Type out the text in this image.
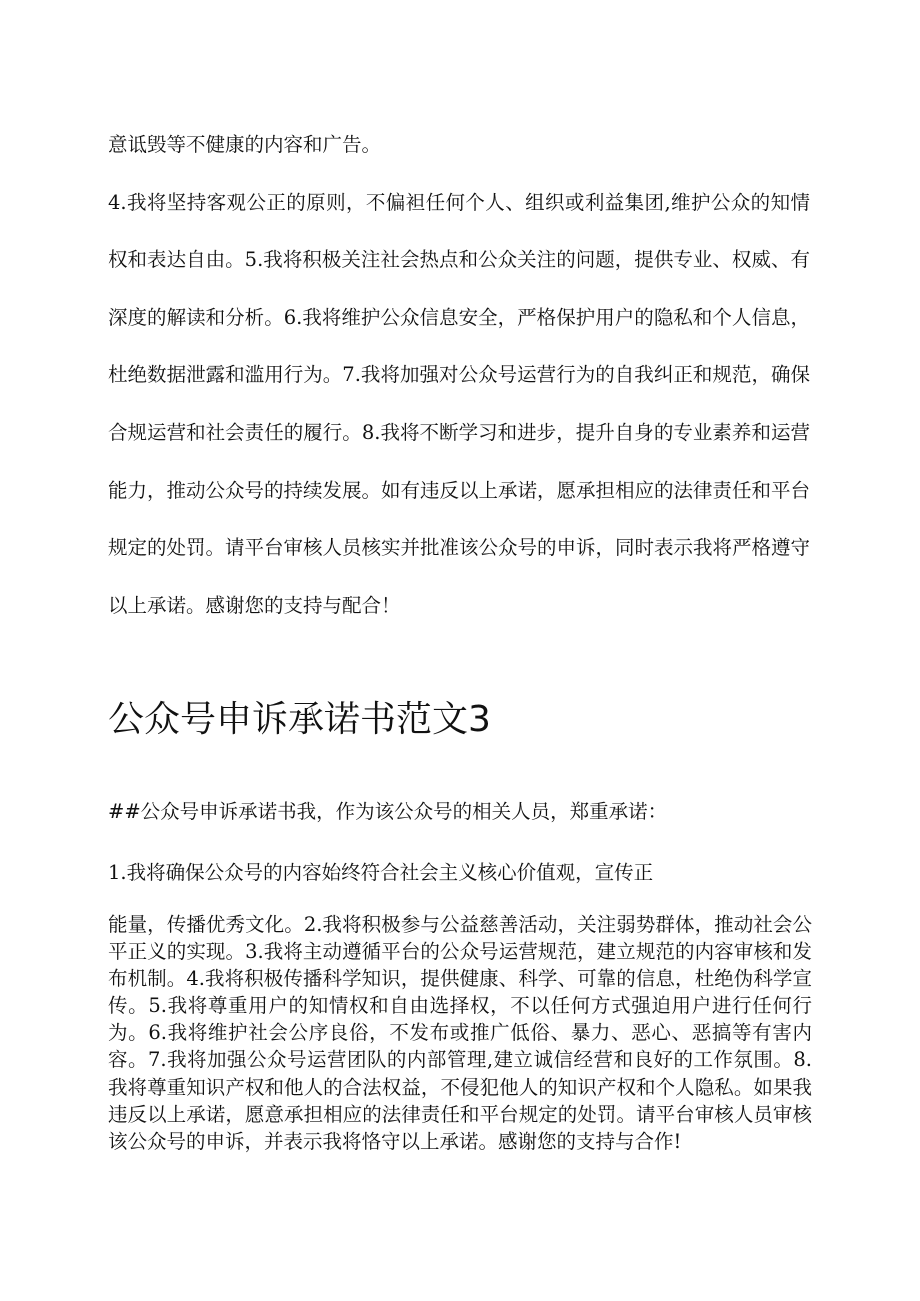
意诋毁等不健康的内容和广告。

4.我将坚持客观公正的原则，不偏袒任何个人、组织或利益集团,维护公众的知情权和表达自由。5.我将积极关注社会热点和公众关注的问题，提供专业、权威、有深度的解读和分析。6.我将维护公众信息安全，严格保护用户的隐私和个人信息，杜绝数据泄露和滥用行为。7.我将加强对公众号运营行为的自我纠正和规范，确保合规运营和社会责任的履行。8.我将不断学习和进步，提升自身的专业素养和运营能力，推动公众号的持续发展。如有违反以上承诺，愿承担相应的法律责任和平台规定的处罚。请平台审核人员核实并批准该公众号的申诉，同时表示我将严格遵守以上承诺。感谢您的支持与配合！

公众号申诉承诺书范文3

##公众号申诉承诺书我，作为该公众号的相关人员，郑重承诺：

1.我将确保公众号的内容始终符合社会主义核心价值观，宣传正

能量，传播优秀文化。2.我将积极参与公益慈善活动，关注弱势群体，推动社会公平正义的实现。3.我将主动遵循平台的公众号运营规范，建立规范的内容审核和发布机制。4.我将积极传播科学知识，提供健康、科学、可靠的信息，杜绝伪科学宣传。5.我将尊重用户的知情权和自由选择权，不以任何方式强迫用户进行任何行为。6.我将维护社会公序良俗，不发布或推广低俗、暴力、恶心、恶搞等有害内容。7.我将加强公众号运营团队的内部管理,建立诚信经营和良好的工作氛围。8.我将尊重知识产权和他人的合法权益，不侵犯他人的知识产权和个人隐私。如果我违反以上承诺，愿意承担相应的法律责任和平台规定的处罚。请平台审核人员审核该公众号的申诉，并表示我将恪守以上承诺。感谢您的支持与合作!
